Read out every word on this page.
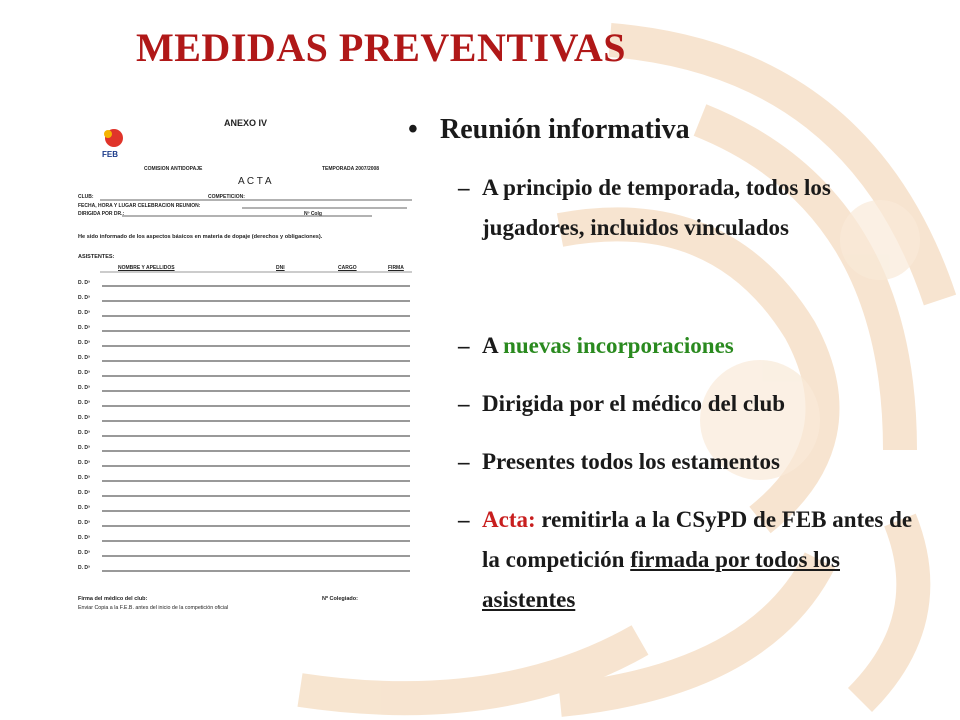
MEDIDAS PREVENTIVAS
ANEXO IV
FEB
COMISION ANTIDOPAJE	TEMPORADA 2007/2008
A C T A
CLUB:	COMPETICION:
FECHA, HORA Y LUGAR CELEBRACION REUNION:
DIRIGIDA POR DR.:	Nº Colg
He sido informado de los aspectos básicos en materia de dopaje (derechos y obligaciones).
ASISTENTES:
NOMBRE Y APELLIDOS	DNI	CARGO	FIRMA
D. Dª
D. Dª
D. Dª
D. Dª
D. Dª
D. Dª
D. Dª
D. Dª
D. Dª
D. Dª
D. Dª
D. Dª
D. Dª
D. Dª
D. Dª
D. Dª
D. Dª
D. Dª
D. Dª
D. Dª
Firma del médico del club:	Nº Colegiado:
Enviar Copia a la F.E.B. antes del inicio de la competición oficial
• Reunión informativa
– A principio de temporada, todos los jugadores, incluidos vinculados
– A nuevas incorporaciones
– Dirigida por el médico del club
– Presentes todos los estamentos
– Acta: remitirla a la CSyPD de FEB antes de la competición firmada por todos los asistentes
